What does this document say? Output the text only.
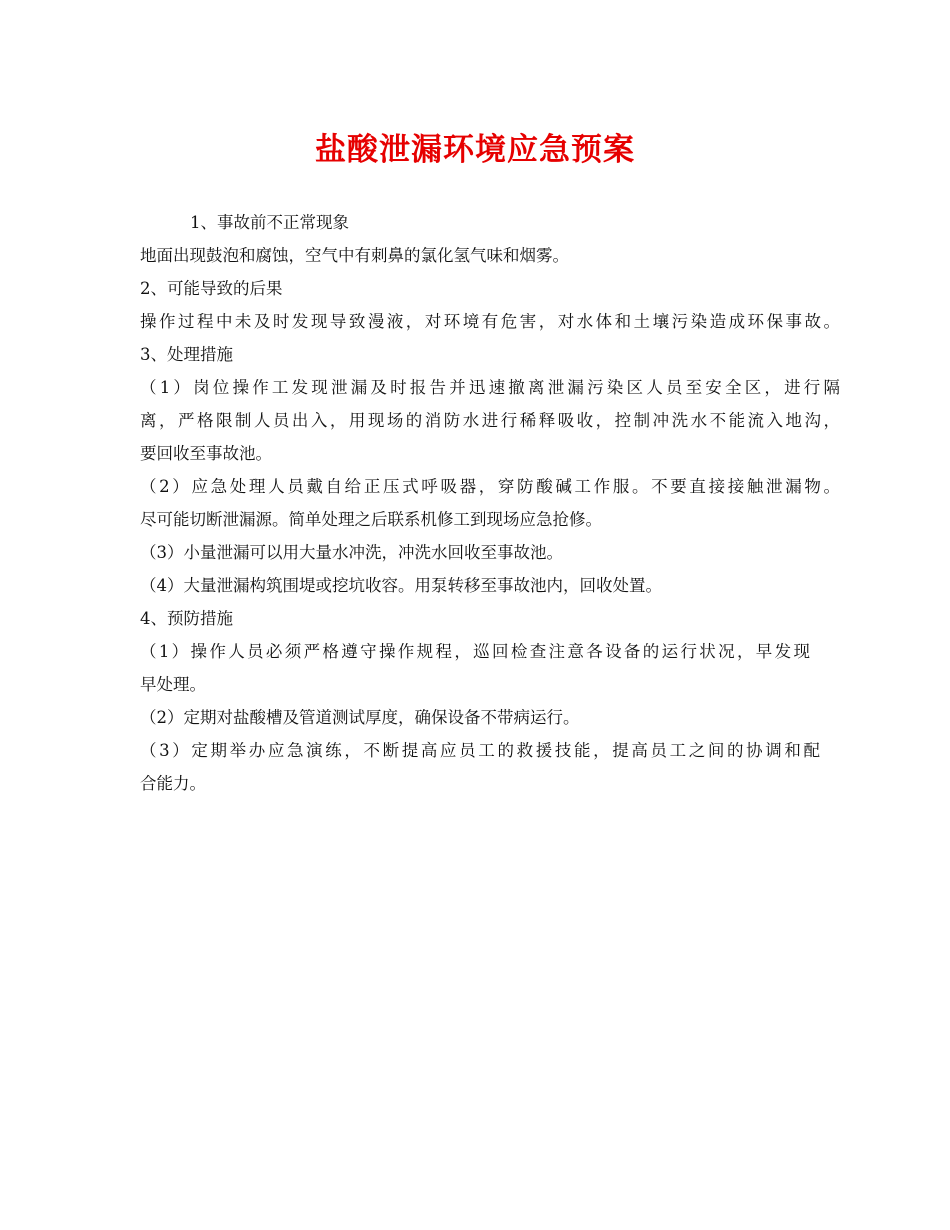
盐酸泄漏环境应急预案

1、事故前不正常现象

地面出现鼓泡和腐蚀，空气中有刺鼻的氯化氢气味和烟雾。

2、可能导致的后果

操作过程中未及时发现导致漫液，对环境有危害，对水体和土壤污染造成环保事故。

3、处理措施

（1）岗位操作工发现泄漏及时报告并迅速撤离泄漏污染区人员至安全区，进行隔

离，严格限制人员出入，用现场的消防水进行稀释吸收，控制冲洗水不能流入地沟，

要回收至事故池。

（2）应急处理人员戴自给正压式呼吸器，穿防酸碱工作服。不要直接接触泄漏物。

尽可能切断泄漏源。简单处理之后联系机修工到现场应急抢修。

（3）小量泄漏可以用大量水冲洗，冲洗水回收至事故池。

（4）大量泄漏构筑围堤或挖坑收容。用泵转移至事故池内，回收处置。

4、预防措施

（1）操作人员必须严格遵守操作规程，巡回检查注意各设备的运行状况，早发现

早处理。

（2）定期对盐酸槽及管道测试厚度，确保设备不带病运行。

（3）定期举办应急演练，不断提高应员工的救援技能，提高员工之间的协调和配

合能力。
